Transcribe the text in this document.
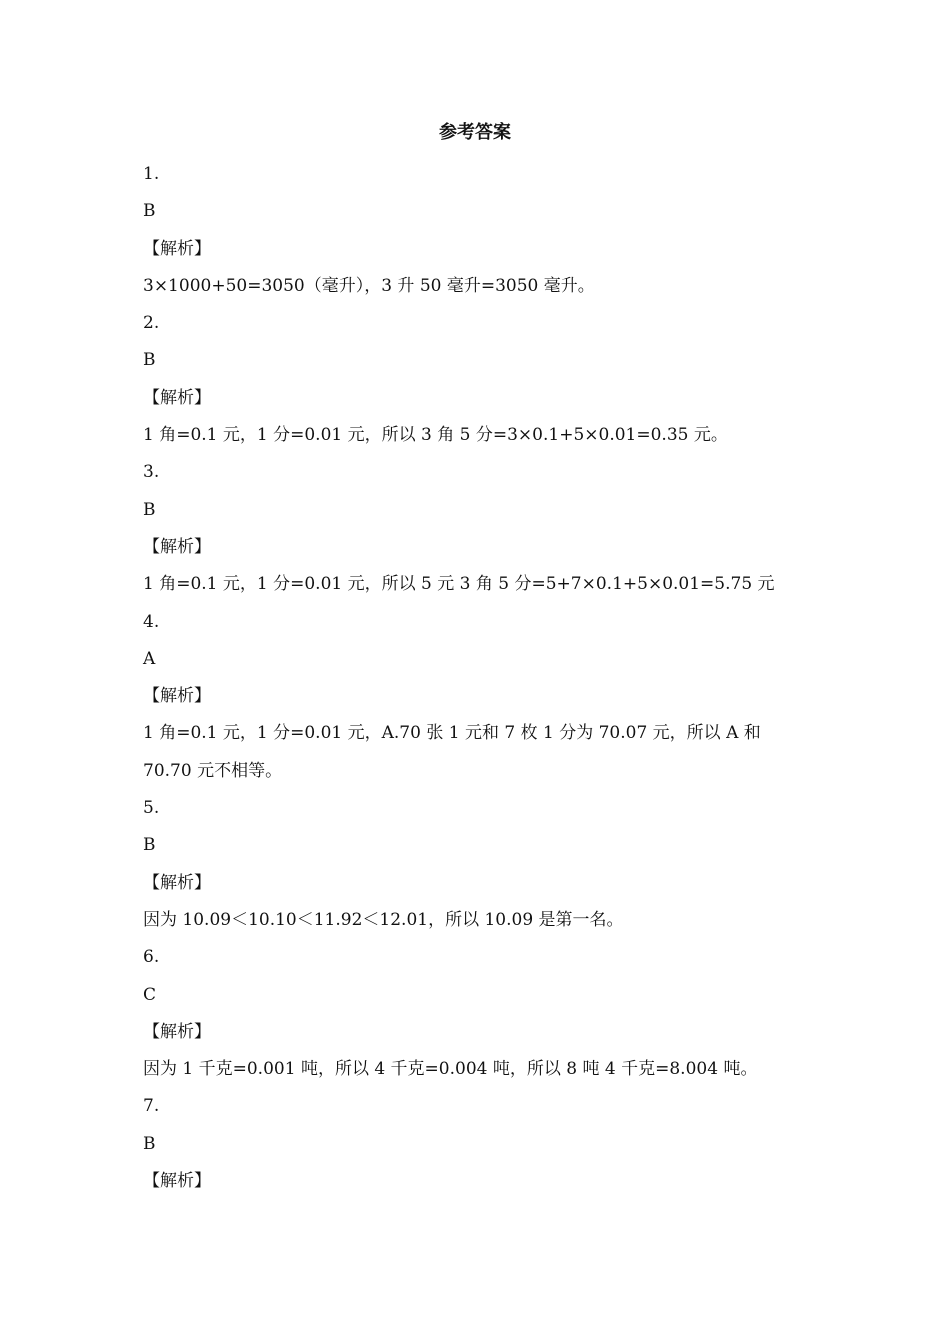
参考答案
1.
B
【解析】
3×1000+50=3050（毫升），3 升 50 毫升=3050 毫升。
2.
B
【解析】
1 角=0.1 元，1 分=0.01 元，所以 3 角 5 分=3×0.1+5×0.01=0.35 元。
3.
B
【解析】
1 角=0.1 元，1 分=0.01 元，所以 5 元 3 角 5 分=5+7×0.1+5×0.01=5.75 元
4.
A
【解析】
1 角=0.1 元，1 分=0.01 元，A.70 张 1 元和 7 枚 1 分为 70.07 元，所以 A 和
70.70 元不相等。
5.
B
【解析】
因为 10.09＜10.10＜11.92＜12.01，所以 10.09 是第一名。
6.
C
【解析】
因为 1 千克=0.001 吨，所以 4 千克=0.004 吨，所以 8 吨 4 千克=8.004 吨。
7.
B
【解析】
